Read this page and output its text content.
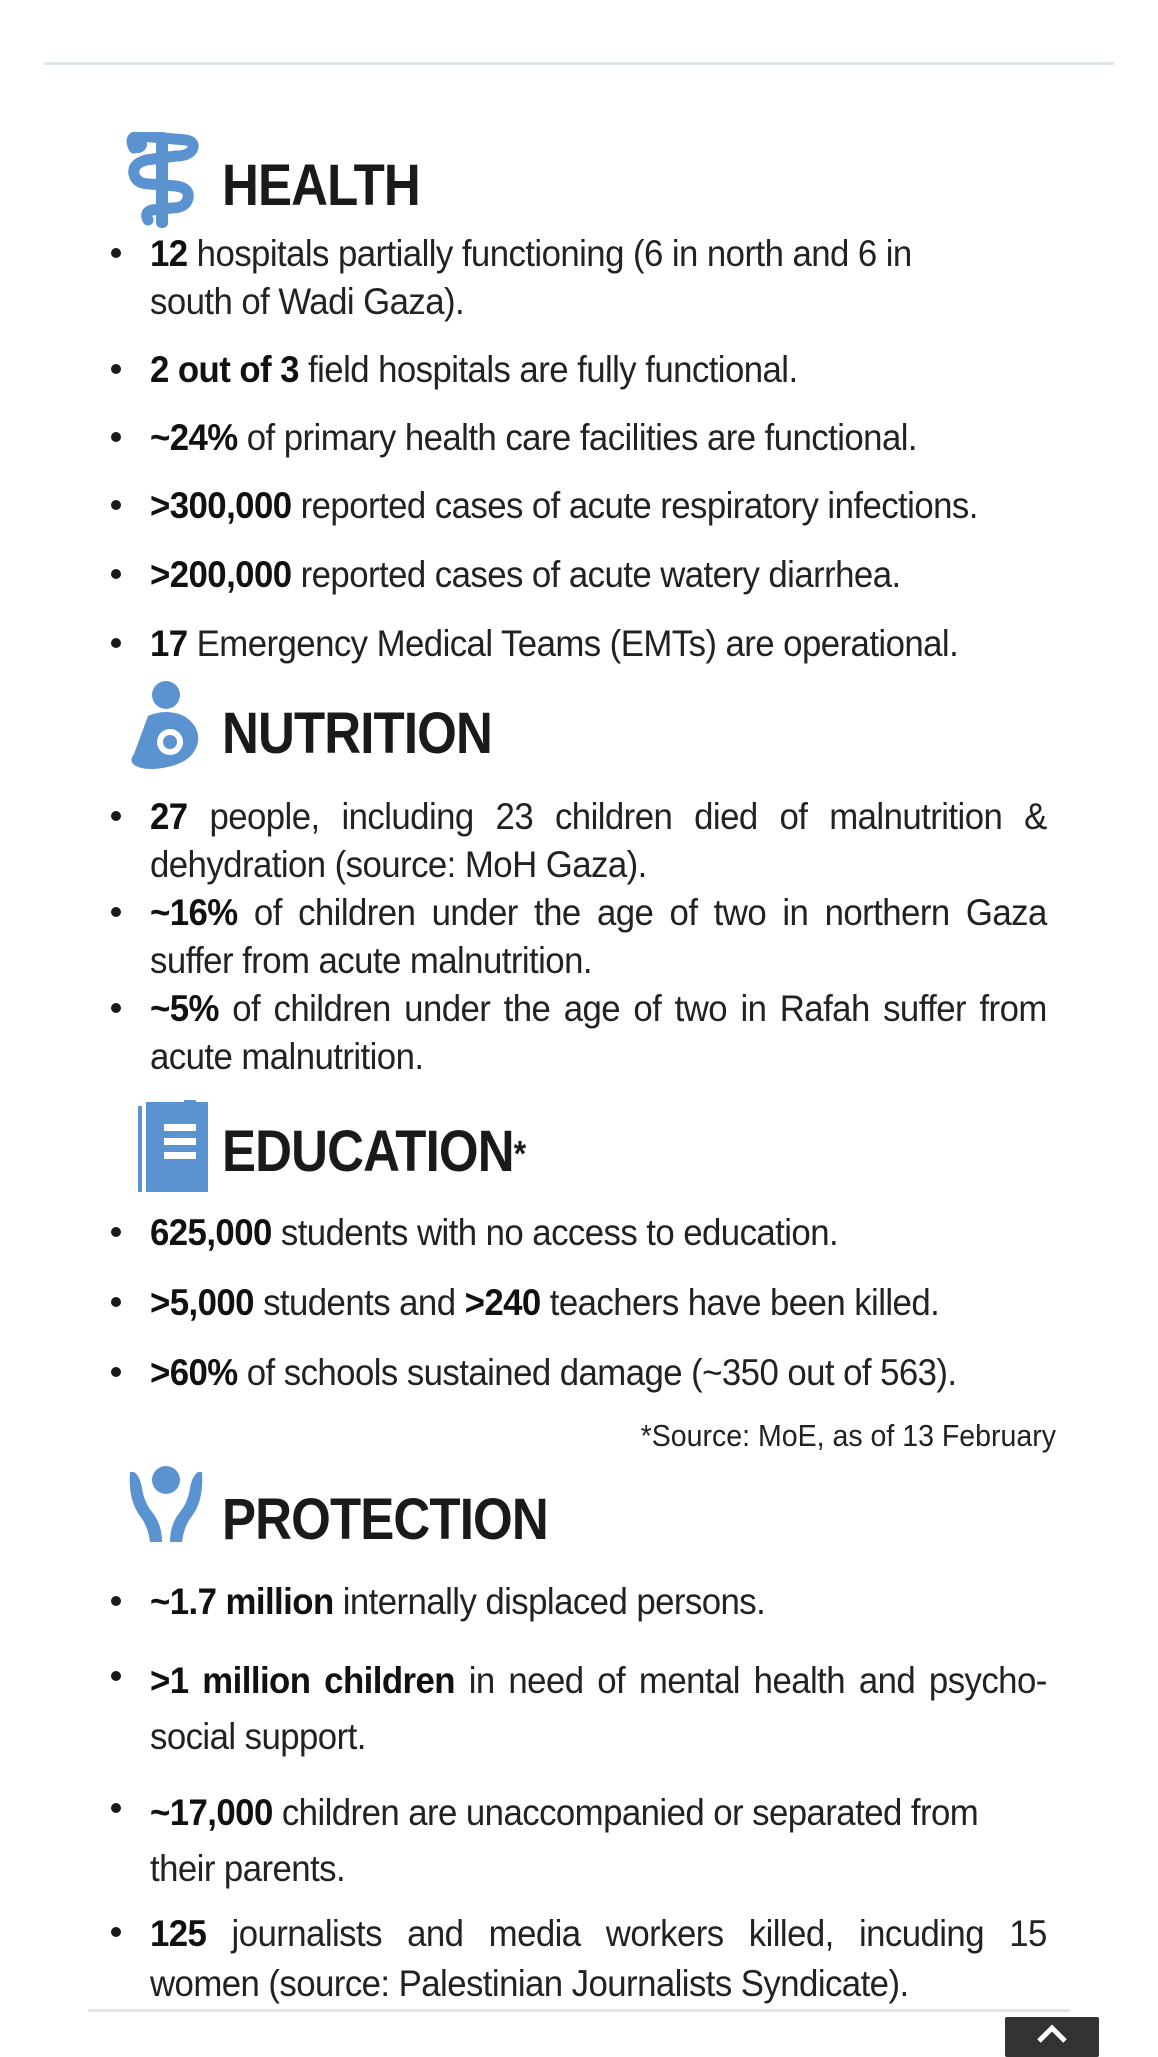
HEALTH
12 hospitals partially functioning (6 in north and 6 in south of Wadi Gaza).
2 out of 3 field hospitals are fully functional.
~24% of primary health care facilities are functional.
>300,000 reported cases of acute respiratory infections.
>200,000 reported cases of acute watery diarrhea.
17 Emergency Medical Teams (EMTs) are operational.
NUTRITION
27 people, including 23 children died of malnutrition & dehydration (source: MoH Gaza).
~16% of children under the age of two in northern Gaza suffer from acute malnutrition.
~5% of children under the age of two in Rafah suffer from acute malnutrition.
EDUCATION*
625,000 students with no access to education.
>5,000 students and >240 teachers have been killed.
>60% of schools sustained damage (~350 out of 563).
*Source: MoE, as of 13 February
PROTECTION
~1.7 million internally displaced persons.
>1 million children in need of mental health and psycho-social support.
~17,000 children are unaccompanied or separated from their parents.
125 journalists and media workers killed, incuding 15 women (source: Palestinian Journalists Syndicate).
